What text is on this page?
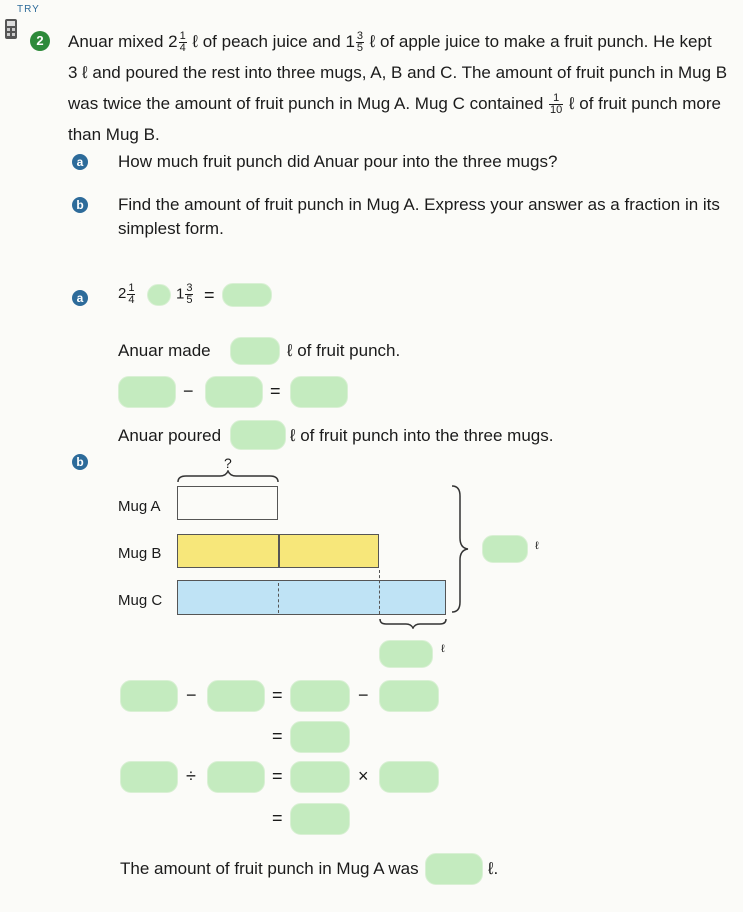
TRY
2	Anuar mixed $2 \frac{1}{4}$ ℓ of peach juice and $1 \frac{3}{5}$ ℓ of apple juice to make a fruit punch. He kept
3 ℓ and poured the rest into three mugs, A, B and C. The amount of fruit punch in Mug B
was twice the amount of fruit punch in Mug A. Mug C contained $\frac{1}{10}$ ℓ of fruit punch more
than Mug B.
a How much fruit punch did Anuar pour into the three mugs?
b Find the amount of fruit punch in Mug A. Express your answer as a fraction in its
simplest form.
a	$2 \frac{1}{4}$	$1 \frac{3}{5}$ =
Anuar made	ℓ of fruit punch.
−	=
Anuar poured	ℓ of fruit punch into the three mugs.
b	?
Mug A
Mug B
Mug C
ℓ
ℓ
−	=	−
=
÷	=	×
=
The amount of fruit punch in Mug A was	ℓ.
